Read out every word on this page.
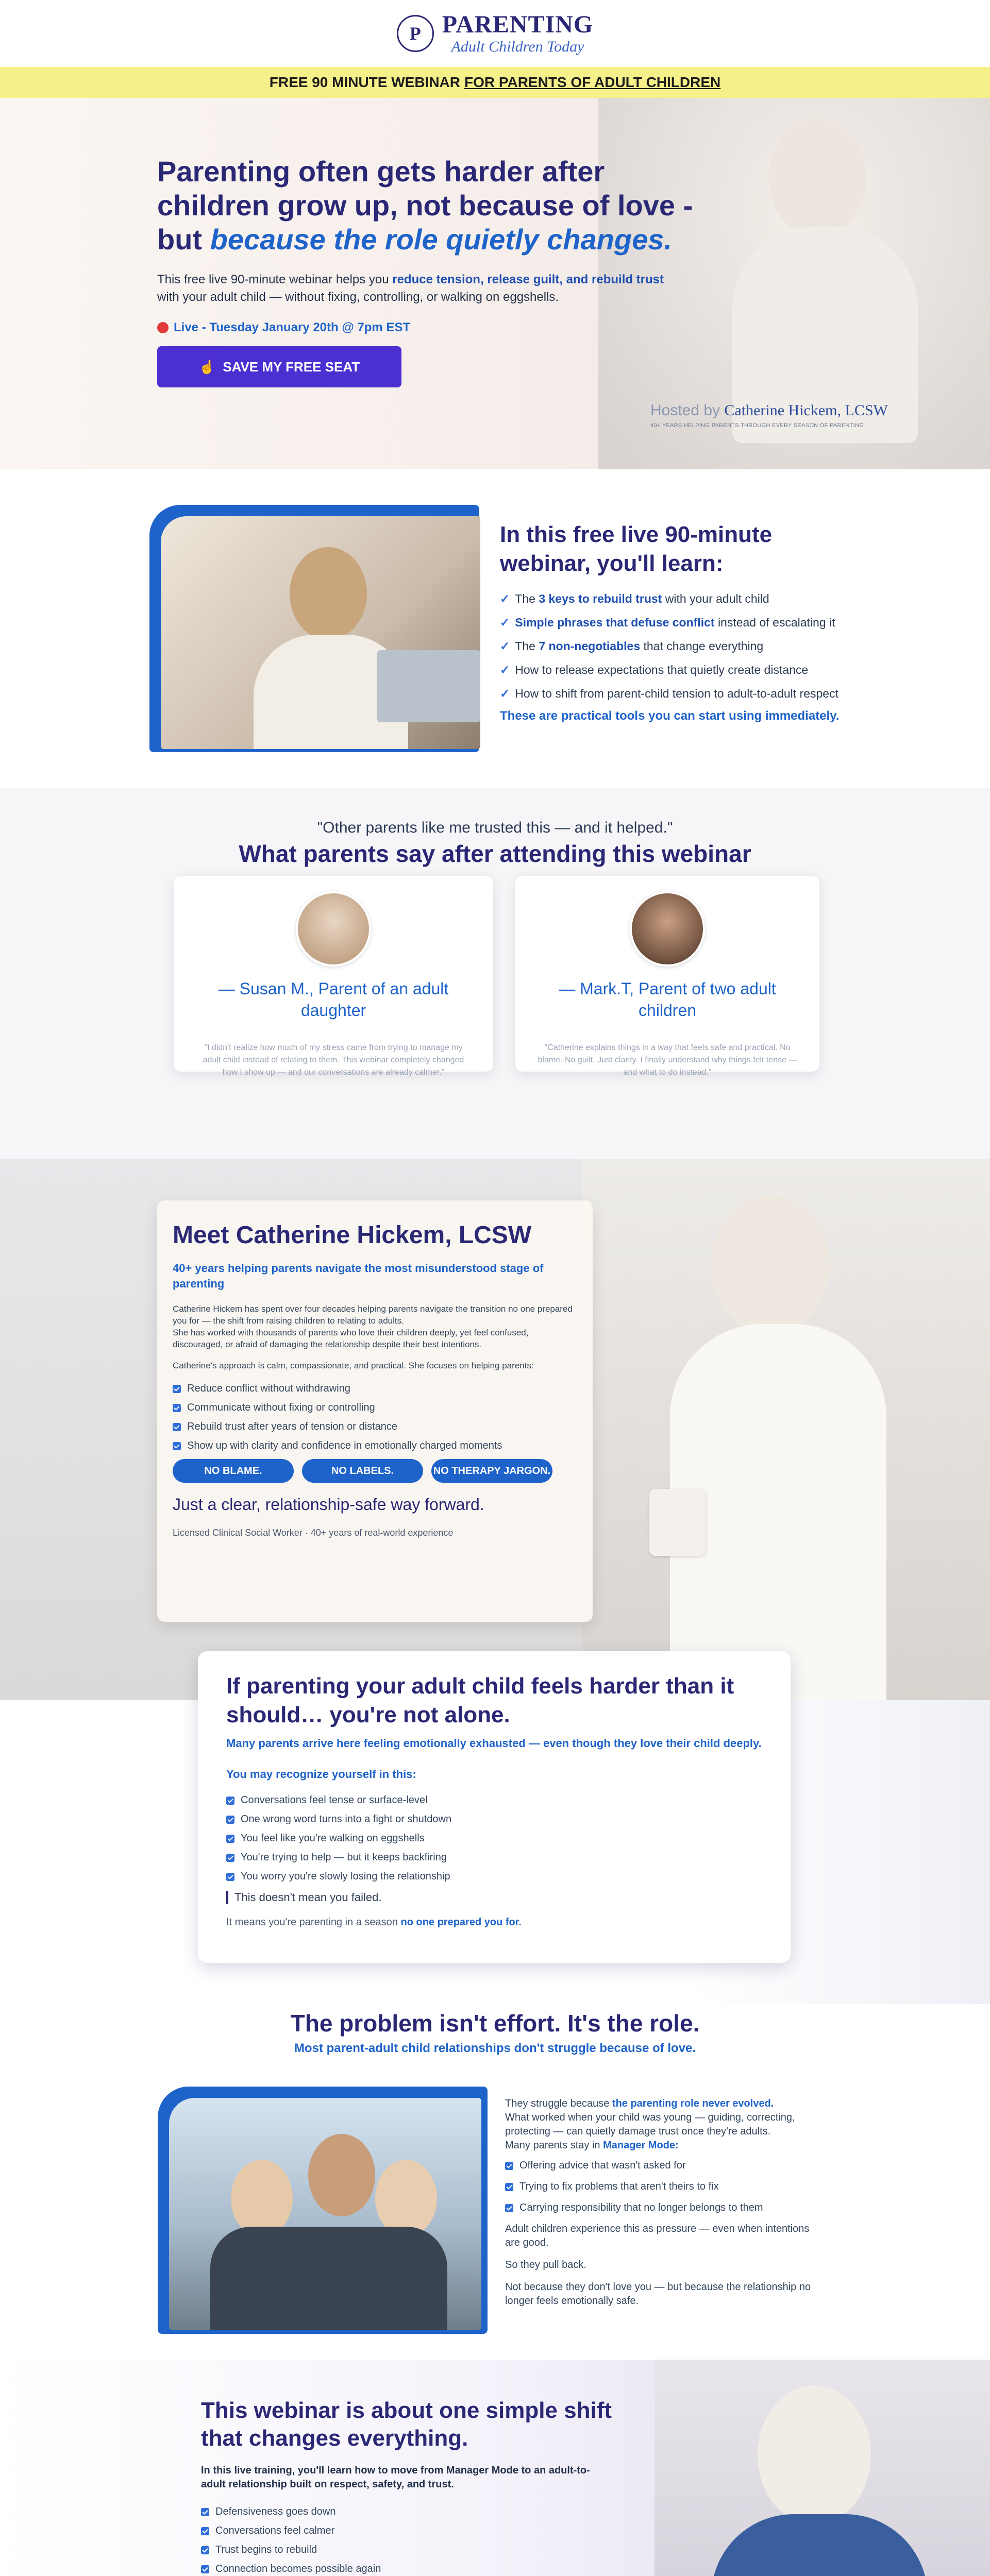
P PARENTING
Adult Children Today
FREE 90 MINUTE WEBINAR FOR PARENTS OF ADULT CHILDREN
Parenting often gets harder after children grow up, not because of love - but because the role quietly changes.
This free live 90-minute webinar helps you reduce tension, release guilt, and rebuild trust with your adult child — without fixing, controlling, or walking on eggshells.
Live - Tuesday January 20th @ 7pm EST
☝ SAVE MY FREE SEAT
Hosted by Catherine Hickem, LCSW
40+ YEARS HELPING PARENTS THROUGH EVERY SEASON OF PARENTING
In this free live 90-minute webinar, you'll learn:
✓ The 3 keys to rebuild trust with your adult child
✓ Simple phrases that defuse conflict instead of escalating it
✓ The 7 non-negotiables that change everything
✓ How to release expectations that quietly create distance
✓ How to shift from parent-child tension to adult-to-adult respect
These are practical tools you can start using immediately.
"Other parents like me trusted this — and it helped."
What parents say after attending this webinar
— Susan M., Parent of an adult daughter
"I didn't realize how much of my stress came from trying to manage my adult child instead of relating to them. This webinar completely changed how I show up — and our conversations are already calmer."
— Mark.T, Parent of two adult children
"Catherine explains things in a way that feels safe and practical. No blame. No guilt. Just clarity. I finally understand why things felt tense — and what to do instead."
Meet Catherine Hickem, LCSW
40+ years helping parents navigate the most misunderstood stage of parenting
Catherine Hickem has spent over four decades helping parents navigate the transition no one prepared you for — the shift from raising children to relating to adults.
She has worked with thousands of parents who love their children deeply, yet feel confused, discouraged, or afraid of damaging the relationship despite their best intentions.
Catherine's approach is calm, compassionate, and practical. She focuses on helping parents:
Reduce conflict without withdrawing
Communicate without fixing or controlling
Rebuild trust after years of tension or distance
Show up with clarity and confidence in emotionally charged moments
NO BLAME.	NO LABELS.	NO THERAPY JARGON.
Just a clear, relationship-safe way forward.
Licensed Clinical Social Worker · 40+ years of real-world experience
If parenting your adult child feels harder than it should… you're not alone.
Many parents arrive here feeling emotionally exhausted — even though they love their child deeply.
You may recognize yourself in this:
Conversations feel tense or surface-level
One wrong word turns into a fight or shutdown
You feel like you're walking on eggshells
You're trying to help — but it keeps backfiring
You worry you're slowly losing the relationship
This doesn't mean you failed.
It means you're parenting in a season no one prepared you for.
The problem isn't effort. It's the role.
Most parent-adult child relationships don't struggle because of love.
They struggle because the parenting role never evolved.
What worked when your child was young — guiding, correcting, protecting — can quietly damage trust once they're adults.
Many parents stay in Manager Mode:
Offering advice that wasn't asked for
Trying to fix problems that aren't theirs to fix
Carrying responsibility that no longer belongs to them
Adult children experience this as pressure — even when intentions are good.
So they pull back.
Not because they don't love you — but because the relationship no longer feels emotionally safe.
This webinar is about one simple shift that changes everything.
In this live training, you'll learn how to move from Manager Mode to an adult-to-adult relationship built on respect, safety, and trust.
Defensiveness goes down
Conversations feel calmer
Trust begins to rebuild
Connection becomes possible again
